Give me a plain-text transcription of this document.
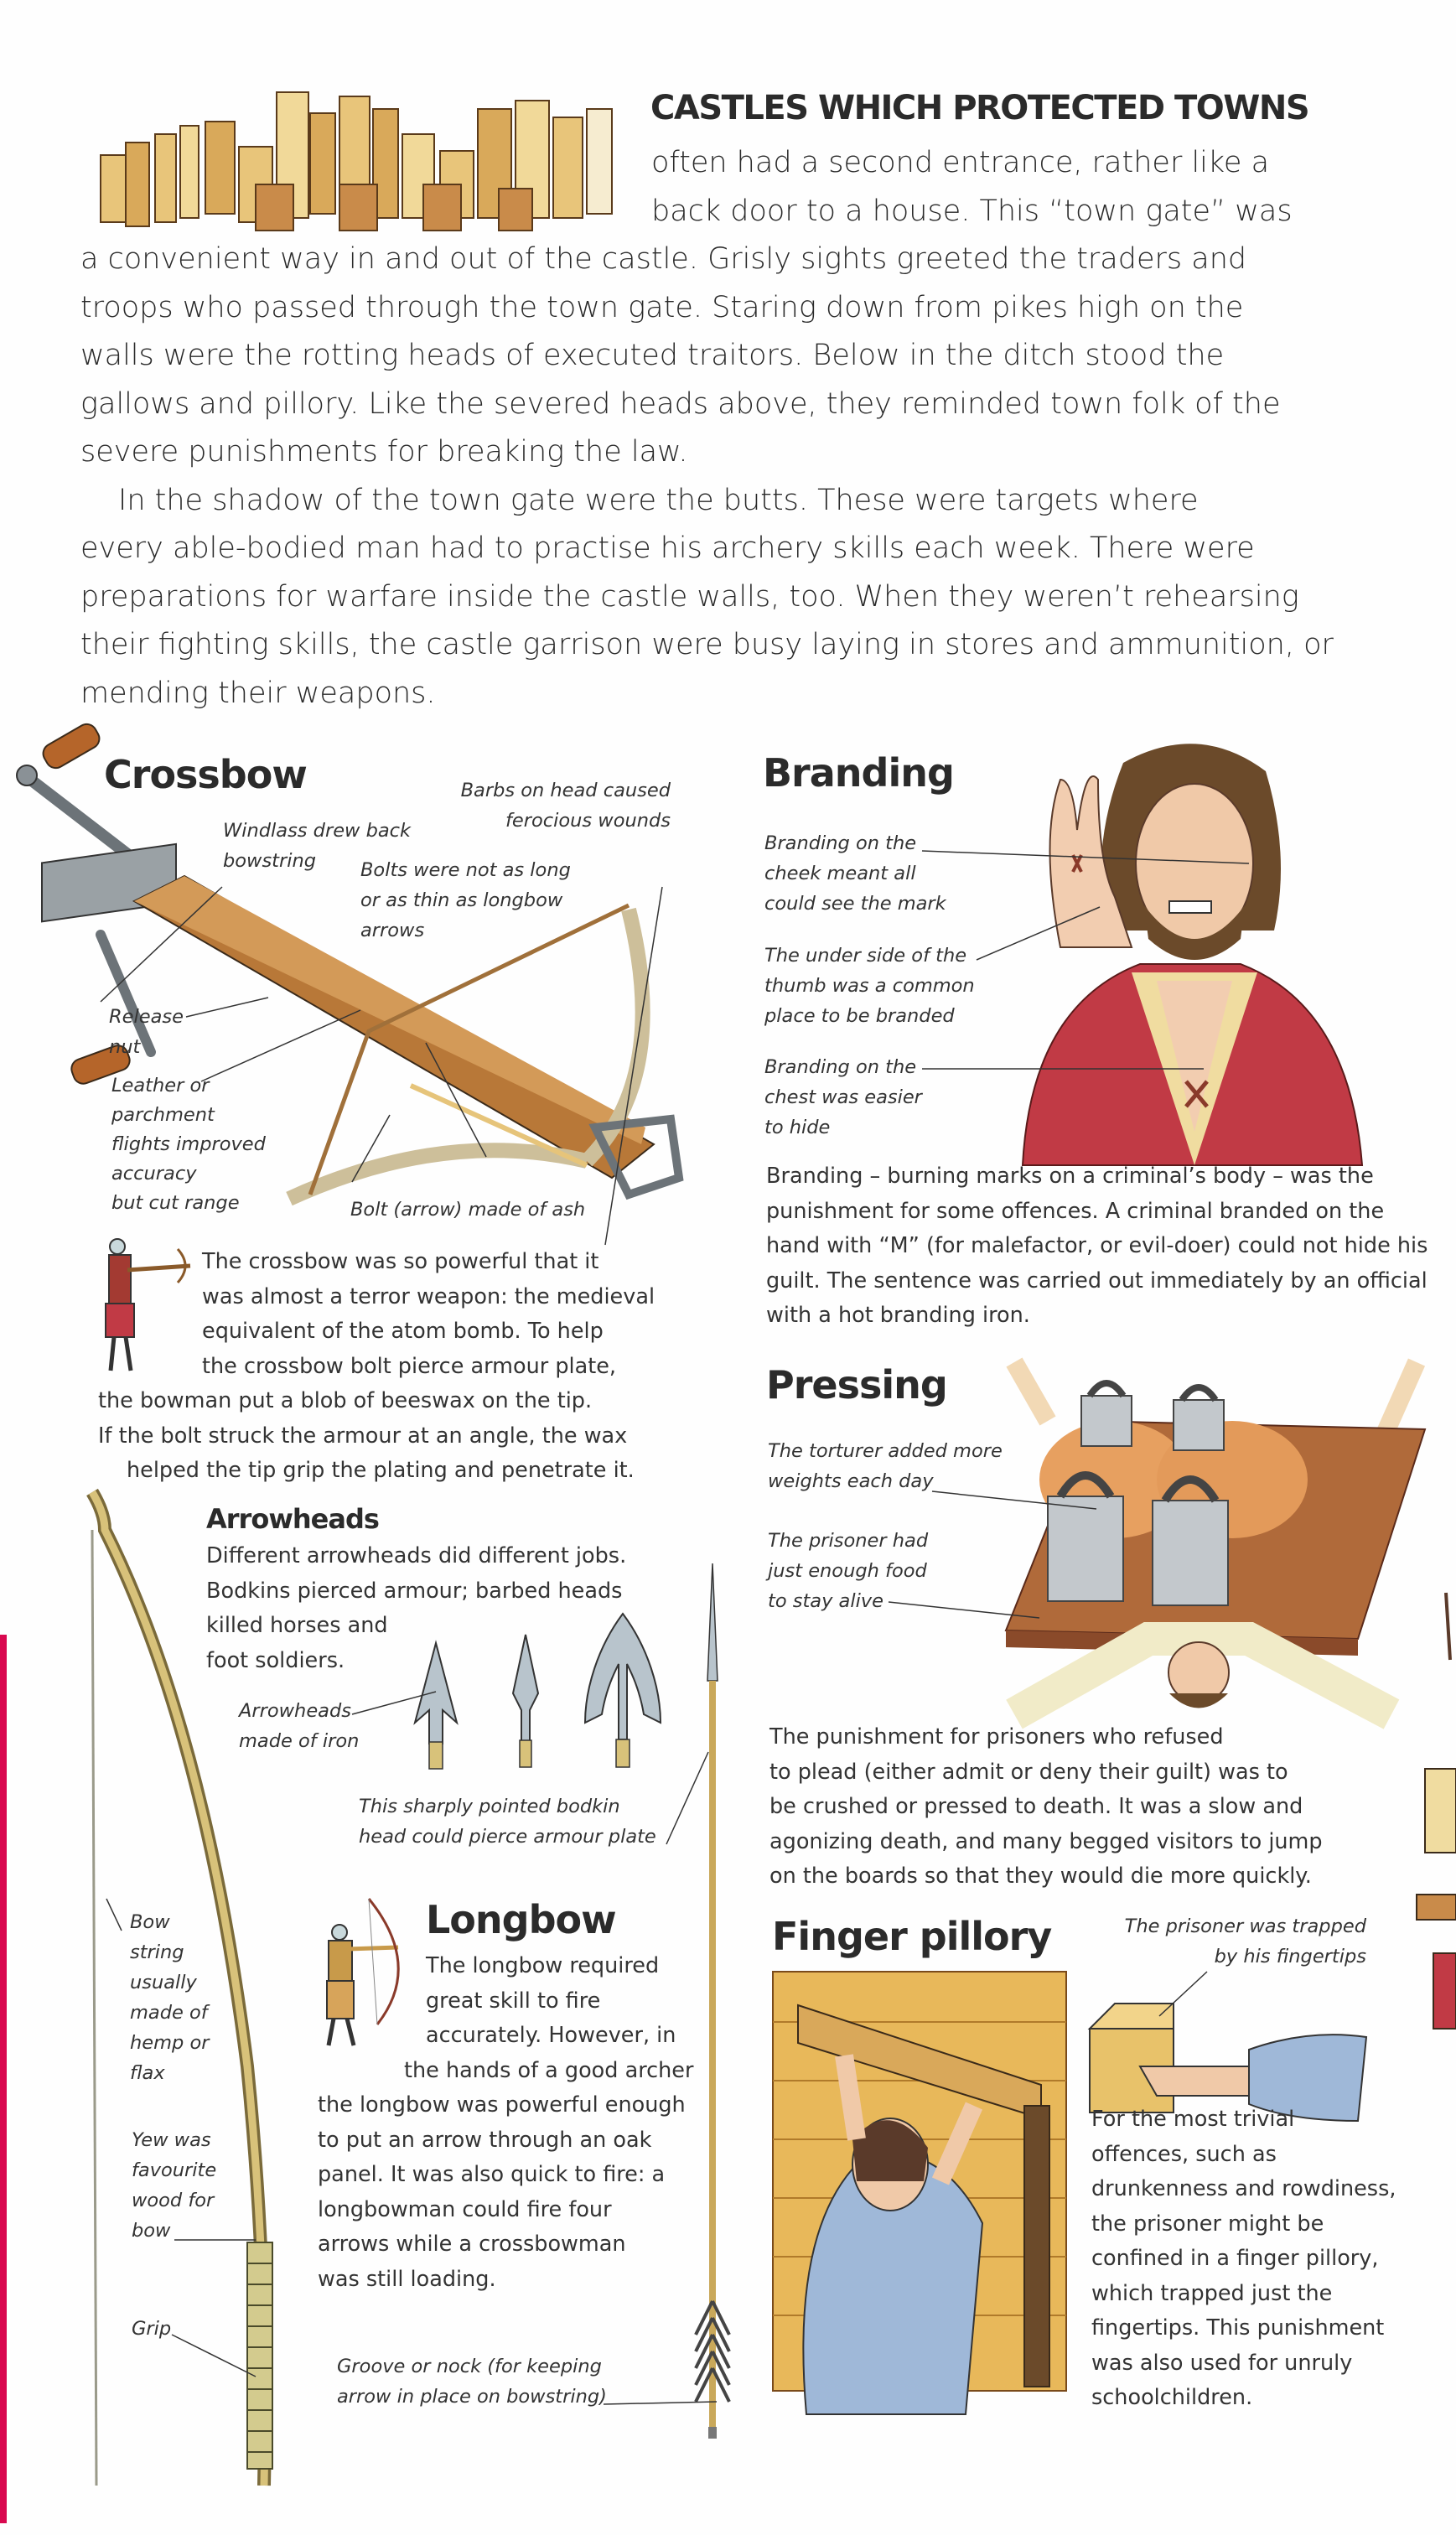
CASTLES WHICH PROTECTED TOWNS
often had a second entrance, rather like a
back door to a house. This “town gate” was
a convenient way in and out of the castle. Grisly sights greeted the traders and
troops who passed through the town gate. Staring down from pikes high on the
walls were the rotting heads of executed traitors. Below in the ditch stood the
gallows and pillory. Like the severed heads above, they reminded town folk of the
severe punishments for breaking the law.
In the shadow of the town gate were the butts. These were targets where
every able-bodied man had to practise his archery skills each week. There were
preparations for warfare inside the castle walls, too. When they weren’t rehearsing
their fighting skills, the castle garrison were busy laying in stores and ammunition, or
mending their weapons.
Crossbow
Windlass drew back
bowstring
Barbs on head caused
ferocious wounds
Bolts were not as long
or as thin as longbow
arrows
Release
nut
Leather or
parchment
flights improved
accuracy
but cut range	Bolt (arrow) made of ash
The crossbow was so powerful that it
was almost a terror weapon: the medieval
equivalent of the atom bomb. To help
the crossbow bolt pierce armour plate,
the bowman put a blob of beeswax on the tip.
If the bolt struck the armour at an angle, the wax
helped the tip grip the plating and penetrate it.
Arrowheads
Different arrowheads did different jobs.
Bodkins pierced armour; barbed heads
killed horses and
foot soldiers.
Arrowheads
made of iron
This sharply pointed bodkin
head could pierce armour plate
Longbow
The longbow required
great skill to fire
accurately. However, in
the hands of a good archer
the longbow was powerful enough
to put an arrow through an oak
panel. It was also quick to fire: a
longbowman could fire four
arrows while a crossbowman
was still loading.
Bow
string
usually
made of
hemp or
flax
Yew was
favourite
wood for
bow
Grip
Groove or nock (for keeping
arrow in place on bowstring)
Branding
Branding on the
cheek meant all
could see the mark
The under side of the
thumb was a common
place to be branded
Branding on the
chest was easier
to hide
Branding – burning marks on a criminal’s body – was the
punishment for some offences. A criminal branded on the
hand with “M” (for malefactor, or evil-doer) could not hide his
guilt. The sentence was carried out immediately by an official
with a hot branding iron.
Pressing
The torturer added more
weights each day
The prisoner had
just enough food
to stay alive
The punishment for prisoners who refused
to plead (either admit or deny their guilt) was to
be crushed or pressed to death. It was a slow and
agonizing death, and many begged visitors to jump
on the boards so that they would die more quickly.
Finger pillory	The prisoner was trapped
by his fingertips
For the most trivial
offences, such as
drunkenness and rowdiness,
the prisoner might be
confined in a finger pillory,
which trapped just the
fingertips. This punishment
was also used for unruly
schoolchildren.
